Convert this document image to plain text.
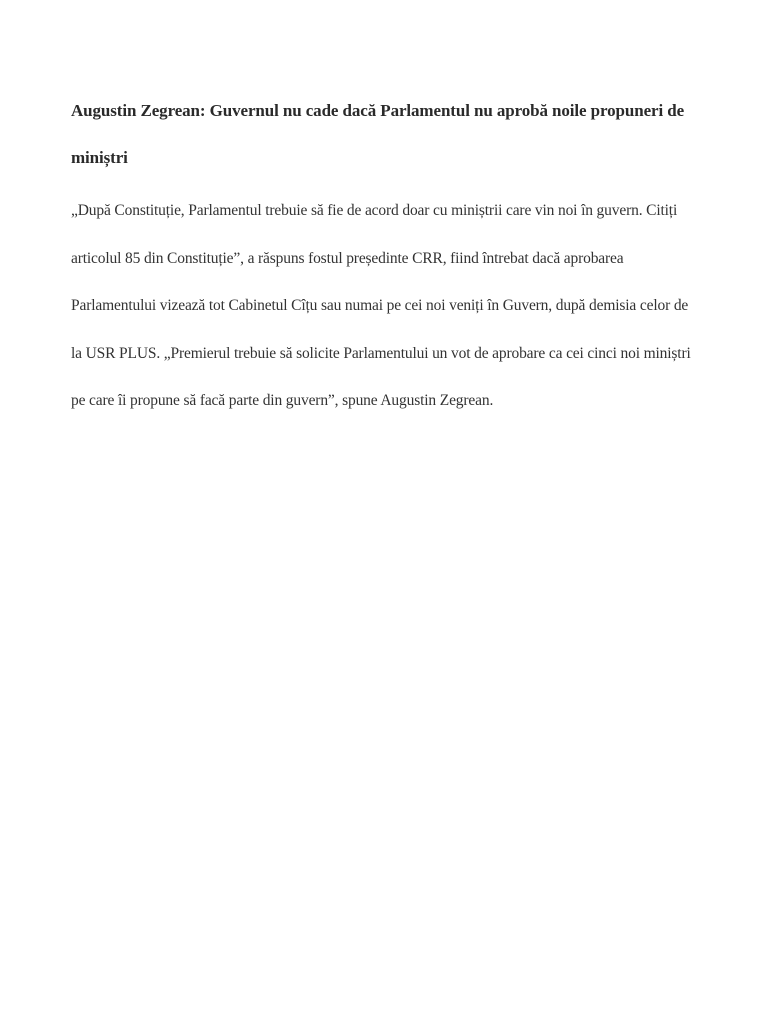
Augustin Zegrean: Guvernul nu cade dacă Parlamentul nu aprobă noile propuneri de miniștri

„După Constituție, Parlamentul trebuie să fie de acord doar cu miniștrii care vin noi în guvern. Citiți articolul 85 din Constituție”, a răspuns fostul președinte CRR, fiind întrebat dacă aprobarea Parlamentului vizează tot Cabinetul Cîțu sau numai pe cei noi veniți în Guvern, după demisia celor de la USR PLUS. „Premierul trebuie să solicite Parlamentului un vot de aprobare ca cei cinci noi miniștri pe care îi propune să facă parte din guvern”, spune Augustin Zegrean.
